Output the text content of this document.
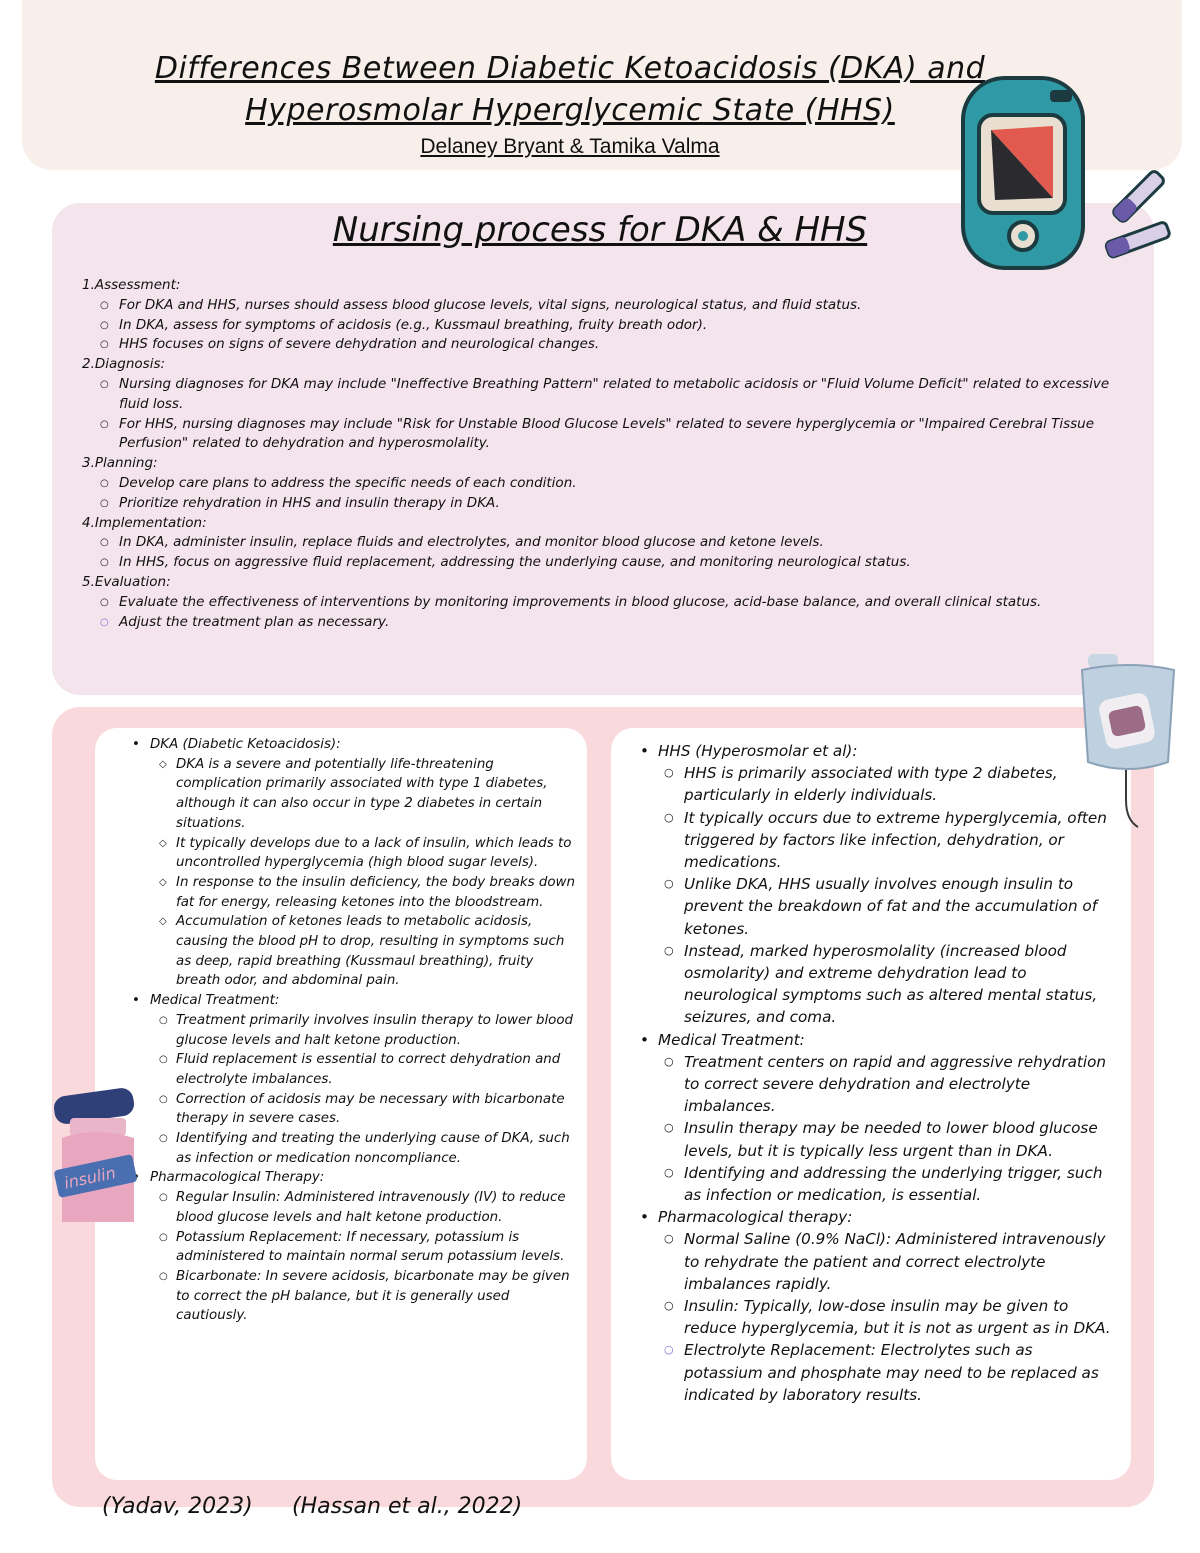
Differences Between Diabetic Ketoacidosis (DKA) and Hyperosmolar Hyperglycemic State (HHS)
Delaney Bryant & Tamika Valma
Nursing process for DKA & HHS
1.Assessment:
○ For DKA and HHS, nurses should assess blood glucose levels, vital signs, neurological status, and fluid status.
○ In DKA, assess for symptoms of acidosis (e.g., Kussmaul breathing, fruity breath odor).
○ HHS focuses on signs of severe dehydration and neurological changes.
2.Diagnosis:
○ Nursing diagnoses for DKA may include "Ineffective Breathing Pattern" related to metabolic acidosis or "Fluid Volume Deficit" related to excessive fluid loss.
○ For HHS, nursing diagnoses may include "Risk for Unstable Blood Glucose Levels" related to severe hyperglycemia or "Impaired Cerebral Tissue Perfusion" related to dehydration and hyperosmolality.
3.Planning:
○ Develop care plans to address the specific needs of each condition.
○ Prioritize rehydration in HHS and insulin therapy in DKA.
4.Implementation:
○ In DKA, administer insulin, replace fluids and electrolytes, and monitor blood glucose and ketone levels.
○ In HHS, focus on aggressive fluid replacement, addressing the underlying cause, and monitoring neurological status.
5.Evaluation:
○ Evaluate the effectiveness of interventions by monitoring improvements in blood glucose, acid-base balance, and overall clinical status.
○ Adjust the treatment plan as necessary.
• DKA (Diabetic Ketoacidosis):
◇ DKA is a severe and potentially life-threatening complication primarily associated with type 1 diabetes, although it can also occur in type 2 diabetes in certain situations.
◇ It typically develops due to a lack of insulin, which leads to uncontrolled hyperglycemia (high blood sugar levels).
◇ In response to the insulin deficiency, the body breaks down fat for energy, releasing ketones into the bloodstream.
◇ Accumulation of ketones leads to metabolic acidosis, causing the blood pH to drop, resulting in symptoms such as deep, rapid breathing (Kussmaul breathing), fruity breath odor, and abdominal pain.
• Medical Treatment:
○ Treatment primarily involves insulin therapy to lower blood glucose levels and halt ketone production.
○ Fluid replacement is essential to correct dehydration and electrolyte imbalances.
○ Correction of acidosis may be necessary with bicarbonate therapy in severe cases.
○ Identifying and treating the underlying cause of DKA, such as infection or medication noncompliance.
• Pharmacological Therapy:
○ Regular Insulin: Administered intravenously (IV) to reduce blood glucose levels and halt ketone production.
○ Potassium Replacement: If necessary, potassium is administered to maintain normal serum potassium levels.
○ Bicarbonate: In severe acidosis, bicarbonate may be given to correct the pH balance, but it is generally used cautiously.
• HHS (Hyperosmolar et al):
○ HHS is primarily associated with type 2 diabetes, particularly in elderly individuals.
○ It typically occurs due to extreme hyperglycemia, often triggered by factors like infection, dehydration, or medications.
○ Unlike DKA, HHS usually involves enough insulin to prevent the breakdown of fat and the accumulation of ketones.
○ Instead, marked hyperosmolality (increased blood osmolarity) and extreme dehydration lead to neurological symptoms such as altered mental status, seizures, and coma.
• Medical Treatment:
○ Treatment centers on rapid and aggressive rehydration to correct severe dehydration and electrolyte imbalances.
○ Insulin therapy may be needed to lower blood glucose levels, but it is typically less urgent than in DKA.
○ Identifying and addressing the underlying trigger, such as infection or medication, is essential.
• Pharmacological therapy:
○ Normal Saline (0.9% NaCl): Administered intravenously to rehydrate the patient and correct electrolyte imbalances rapidly.
○ Insulin: Typically, low-dose insulin may be given to reduce hyperglycemia, but it is not as urgent as in DKA.
○ Electrolyte Replacement: Electrolytes such as potassium and phosphate may need to be replaced as indicated by laboratory results.
(Yadav, 2023) (Hassan et al., 2022)
insulin
